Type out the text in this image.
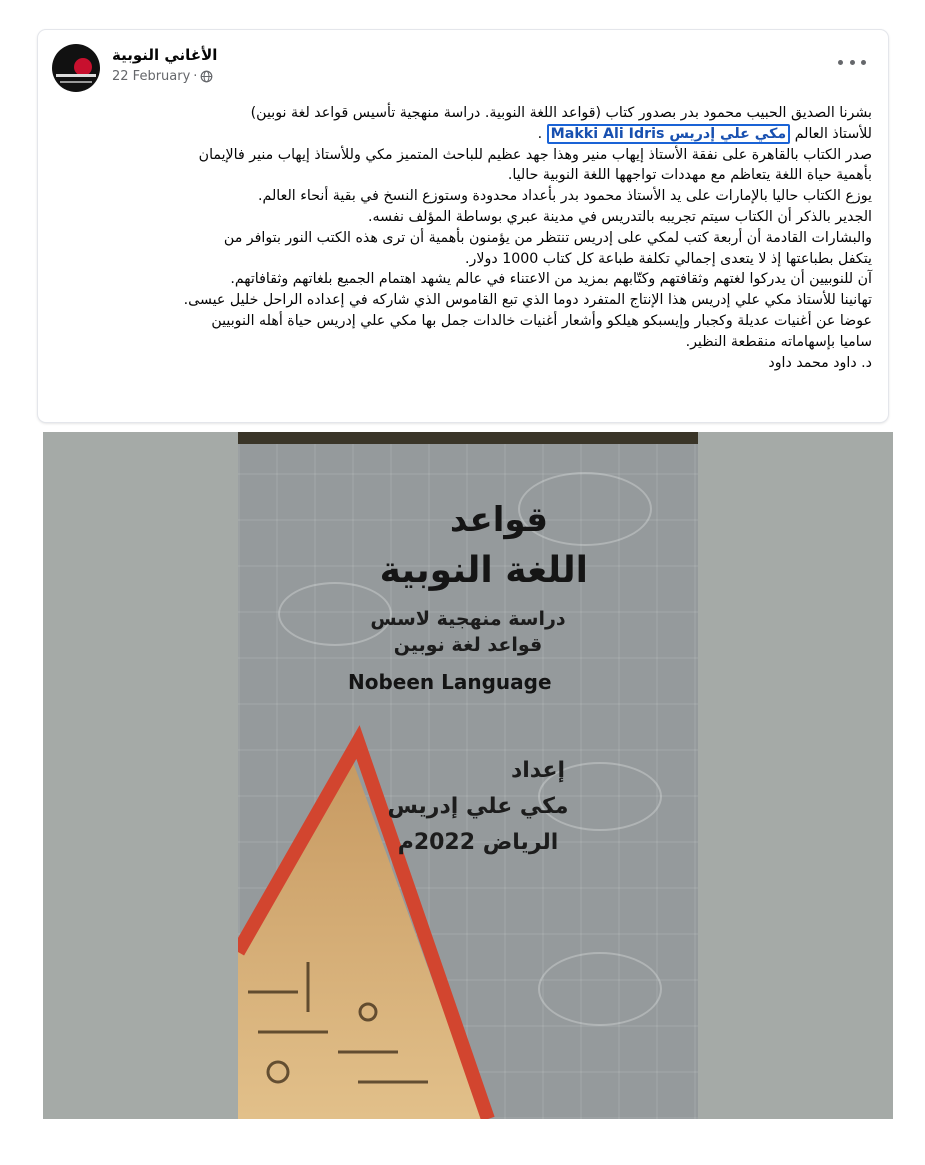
الأغاني النوبية
22 February ·

بشرنا الصديق الحبيب محمود بدر بصدور كتاب (قواعد اللغة النوبية. دراسة منهجية تأسيس قواعد لغة نوبين)

للأستاذ العالم مكي علي إدريس Makki Ali Idris .

صدر الكتاب بالقاهرة على نفقة الأستاذ إيهاب منير وهذا جهد عظيم للباحث المتميز مكي وللأستاذ إيهاب منير فالإيمان

بأهمية حياة اللغة يتعاظم مع مهددات تواجهها اللغة النوبية حاليا.

يوزع الكتاب حاليا بالإمارات على يد الأستاذ محمود بدر بأعداد محدودة وستوزع النسخ في بقية أنحاء العالم.

الجدير بالذكر أن الكتاب سيتم تجريبه بالتدريس في مدينة عبري بوساطة المؤلف نفسه.

والبشارات القادمة أن أربعة كتب لمكي على إدريس تنتظر من يؤمنون بأهمية أن ترى هذه الكتب النور بتوافر من

يتكفل بطباعتها إذ لا يتعدى إجمالي تكلفة طباعة كل كتاب 1000 دولار.

آن للنوبيين أن يدركوا لغتهم وثقافتهم وكتّابهم بمزيد من الاعتناء في عالم يشهد اهتمام الجميع بلغاتهم وثقافاتهم.

تهانينا للأستاذ مكي علي إدريس هذا الإنتاج المتفرد دوما الذي تبع القاموس الذي شاركه في إعداده الراحل خليل عيسى.

عوضا عن أغنيات عديلة وكجبار وإيسبكو هيلكو وأشعار أغنيات خالدات جمل بها مكي علي إدريس حياة أهله النوبيين

ساميا بإسهاماته منقطعة النظير.

د. داود محمد داود

قواعد
اللغة النوبية
دراسة منهجية لاسس
قواعد لغة نوبين
Nobeen Language
إعداد
مكي علي إدريس
الرياض 2022م
